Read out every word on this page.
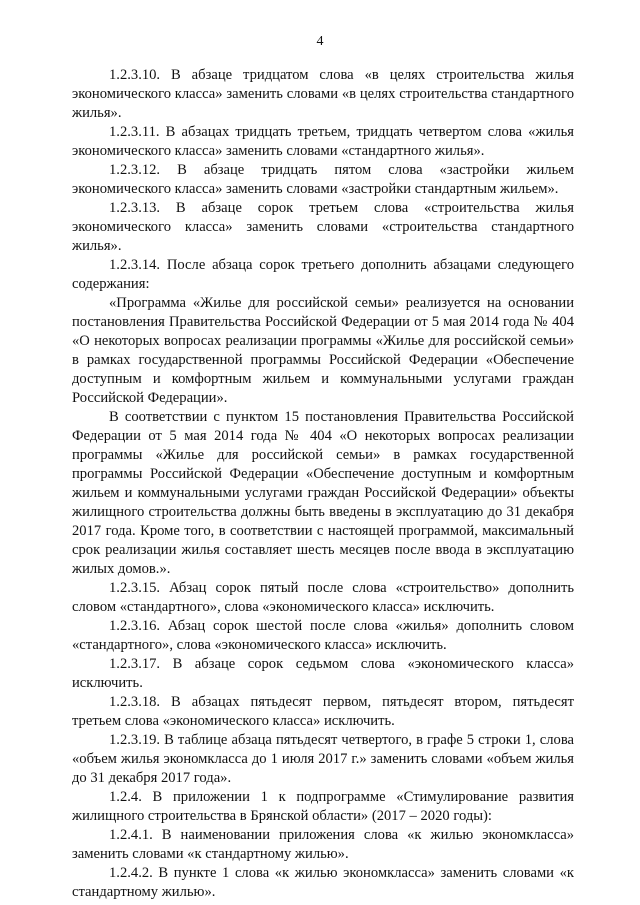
4

1.2.3.10. В абзаце тридцатом слова «в целях строительства жилья экономического класса» заменить словами «в целях строительства стандартного жилья».

1.2.3.11. В абзацах тридцать третьем, тридцать четвертом слова «жилья экономического класса» заменить словами «стандартного жилья».

1.2.3.12. В абзаце тридцать пятом слова «застройки жильем экономического класса» заменить словами «застройки стандартным жильем».

1.2.3.13. В абзаце сорок третьем слова «строительства жилья экономического класса» заменить словами «строительства стандартного жилья».

1.2.3.14. После абзаца сорок третьего дополнить абзацами следующего содержания:

«Программа «Жилье для российской семьи» реализуется на основании постановления Правительства Российской Федерации от 5 мая 2014 года № 404 «О некоторых вопросах реализации программы «Жилье для российской семьи» в рамках государственной программы Российской Федерации «Обеспечение доступным и комфортным жильем и коммунальными услугами граждан Российской Федерации».

В соответствии с пунктом 15 постановления Правительства Российской Федерации от 5 мая 2014 года № 404 «О некоторых вопросах реализации программы «Жилье для российской семьи» в рамках государственной программы Российской Федерации «Обеспечение доступным и комфортным жильем и коммунальными услугами граждан Российской Федерации» объекты жилищного строительства должны быть введены в эксплуатацию до 31 декабря 2017 года. Кроме того, в соответствии с настоящей программой, максимальный срок реализации жилья составляет шесть месяцев после ввода в эксплуатацию жилых домов.».

1.2.3.15. Абзац сорок пятый после слова «строительство» дополнить словом «стандартного», слова «экономического класса» исключить.

1.2.3.16. Абзац сорок шестой после слова «жилья» дополнить словом «стандартного», слова «экономического класса» исключить.

1.2.3.17. В абзаце сорок седьмом слова «экономического класса» исключить.

1.2.3.18. В абзацах пятьдесят первом, пятьдесят втором, пятьдесят третьем слова «экономического класса» исключить.

1.2.3.19. В таблице абзаца пятьдесят четвертого, в графе 5 строки 1, слова «объем жилья экономкласса до 1 июля 2017 г.» заменить словами «объем жилья до 31 декабря 2017 года».

1.2.4. В приложении 1 к подпрограмме «Стимулирование развития жилищного строительства в Брянской области» (2017 – 2020 годы):

1.2.4.1. В наименовании приложения слова «к жилью экономкласса» заменить словами «к стандартному жилью».

1.2.4.2. В пункте 1 слова «к жилью экономкласса» заменить словами «к стандартному жилью».
